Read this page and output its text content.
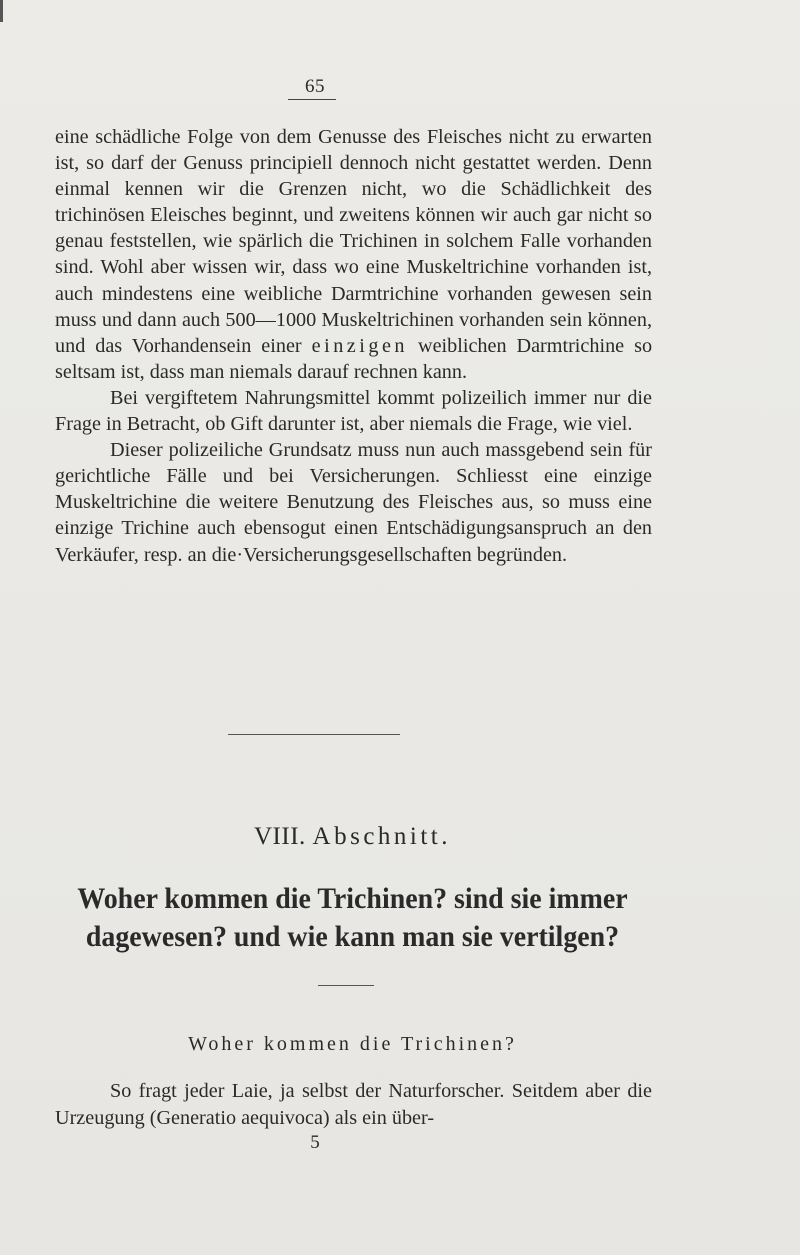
65

eine schädliche Folge von dem Genusse des Fleisches nicht zu erwarten ist, so darf der Genuss principiell dennoch nicht gestattet werden. Denn einmal kennen wir die Grenzen nicht, wo die Schädlichkeit des trichinösen Eleisches beginnt, und zweitens können wir auch gar nicht so genau feststellen, wie spärlich die Trichinen in solchem Falle vorhanden sind. Wohl aber wissen wir, dass wo eine Muskeltrichine vorhanden ist, auch mindestens eine weibliche Darmtrichine vorhanden gewesen sein muss und dann auch 500—1000 Muskeltrichinen vorhanden sein können, und das Vorhandensein einer einzigen weiblichen Darmtrichine so seltsam ist, dass man niemals darauf rechnen kann.

Bei vergiftetem Nahrungsmittel kommt polizeilich immer nur die Frage in Betracht, ob Gift darunter ist, aber niemals die Frage, wie viel.

Dieser polizeiliche Grundsatz muss nun auch massgebend sein für gerichtliche Fälle und bei Versicherungen. Schliesst eine einzige Muskeltrichine die weitere Benutzung des Fleisches aus, so muss eine einzige Trichine auch ebensogut einen Entschädigungsanspruch an den Verkäufer, resp. an die·Versicherungsgesellschaften begründen.

VIII. Abschnitt.
Woher kommen die Trichinen? sind sie immer
dagewesen? und wie kann man sie vertilgen?
Woher kommen die Trichinen?

So fragt jeder Laie, ja selbst der Naturforscher. Seitdem aber die Urzeugung (Generatio aequivoca) als ein über-

5
